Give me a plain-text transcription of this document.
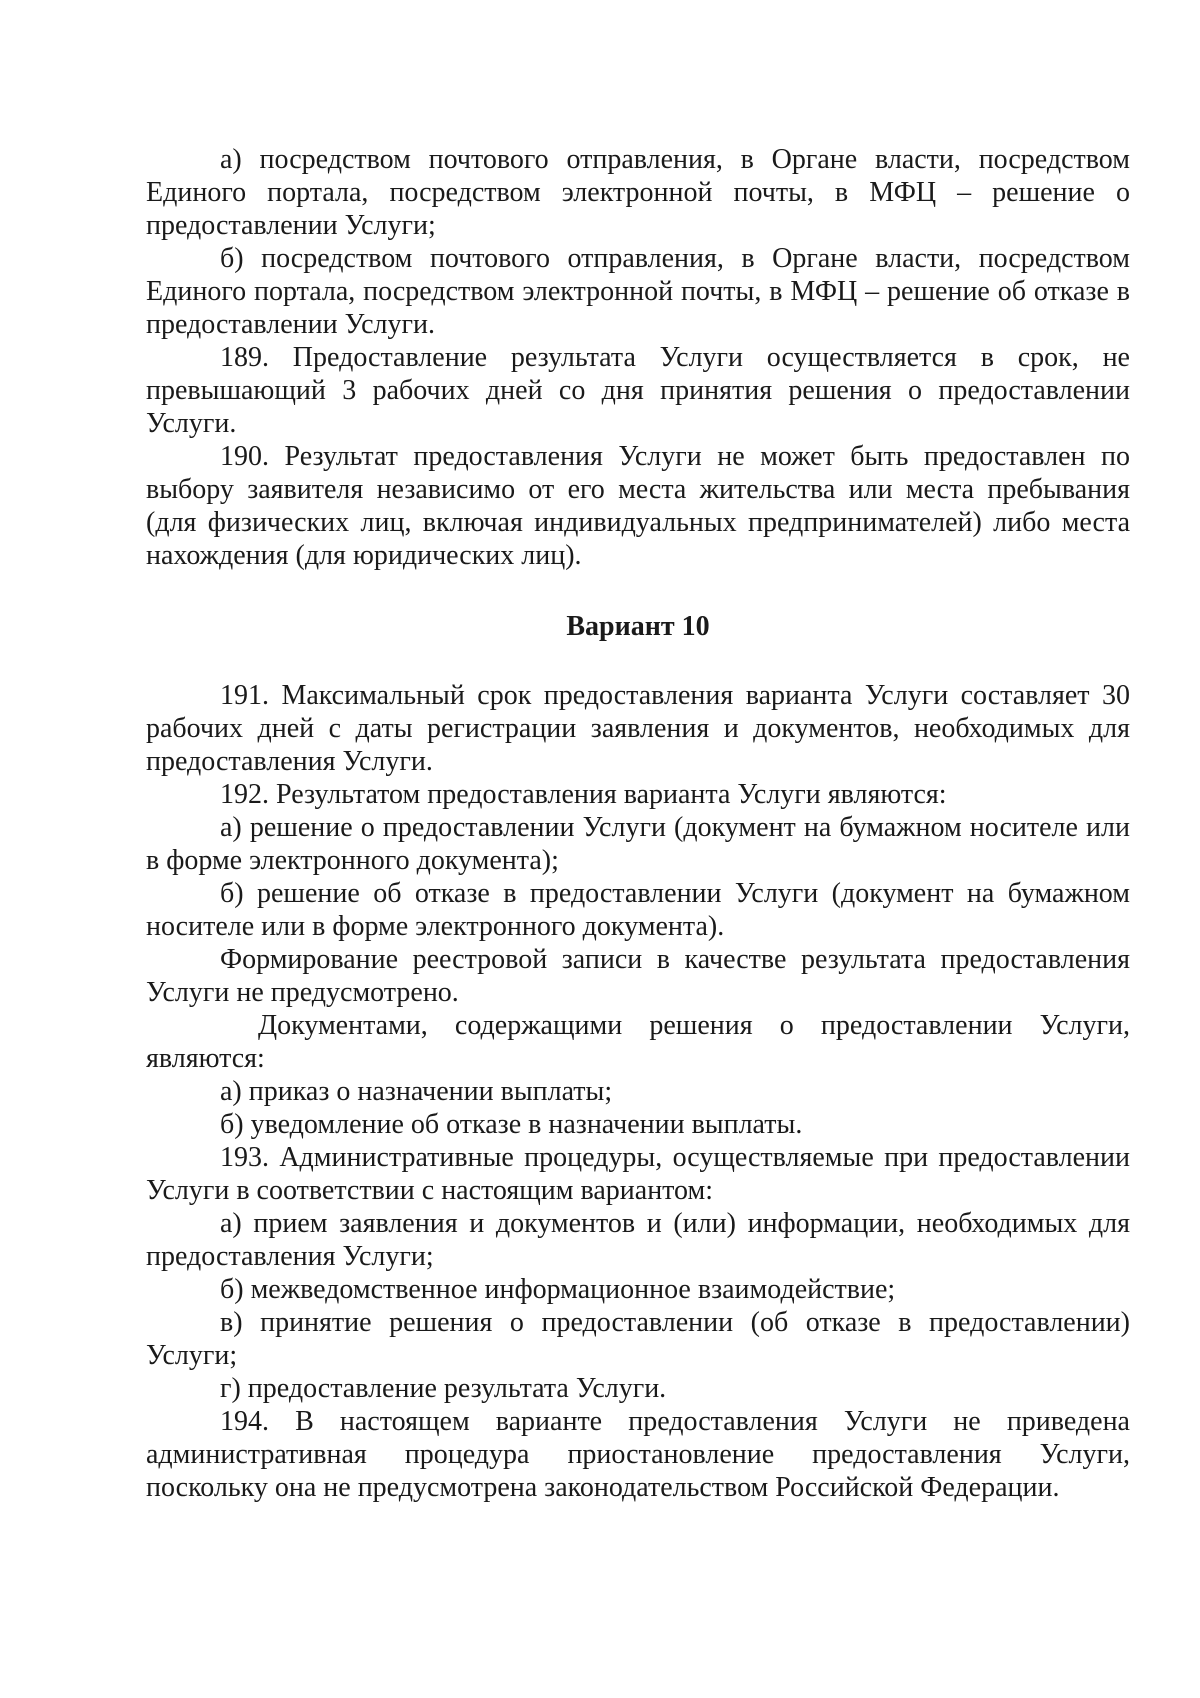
а) посредством почтового отправления, в Органе власти, посредством Единого портала, посредством электронной почты, в МФЦ – решение о предоставлении Услуги;

б) посредством почтового отправления, в Органе власти, посредством Единого портала, посредством электронной почты, в МФЦ – решение об отказе в предоставлении Услуги.

189. Предоставление результата Услуги осуществляется в срок, не превышающий 3 рабочих дней со дня принятия решения о предоставлении Услуги.

190. Результат предоставления Услуги не может быть предоставлен по выбору заявителя независимо от его места жительства или места пребывания (для физических лиц, включая индивидуальных предпринимателей) либо места нахождения (для юридических лиц).

Вариант 10

191. Максимальный срок предоставления варианта Услуги составляет 30 рабочих дней с даты регистрации заявления и документов, необходимых для предоставления Услуги.

192. Результатом предоставления варианта Услуги являются:

а) решение о предоставлении Услуги (документ на бумажном носителе или в форме электронного документа);

б) решение об отказе в предоставлении Услуги (документ на бумажном носителе или в форме электронного документа).

Формирование реестровой записи в качестве результата предоставления Услуги не предусмотрено.

Документами, содержащими решения о предоставлении Услуги, являются:

а) приказ о назначении выплаты;

б) уведомление об отказе в назначении выплаты.

193. Административные процедуры, осуществляемые при предоставлении Услуги в соответствии с настоящим вариантом:

а) прием заявления и документов и (или) информации, необходимых для предоставления Услуги;

б) межведомственное информационное взаимодействие;

в) принятие решения о предоставлении (об отказе в предоставлении) Услуги;

г) предоставление результата Услуги.

194. В настоящем варианте предоставления Услуги не приведена административная процедура приостановление предоставления Услуги, поскольку она не предусмотрена законодательством Российской Федерации.
